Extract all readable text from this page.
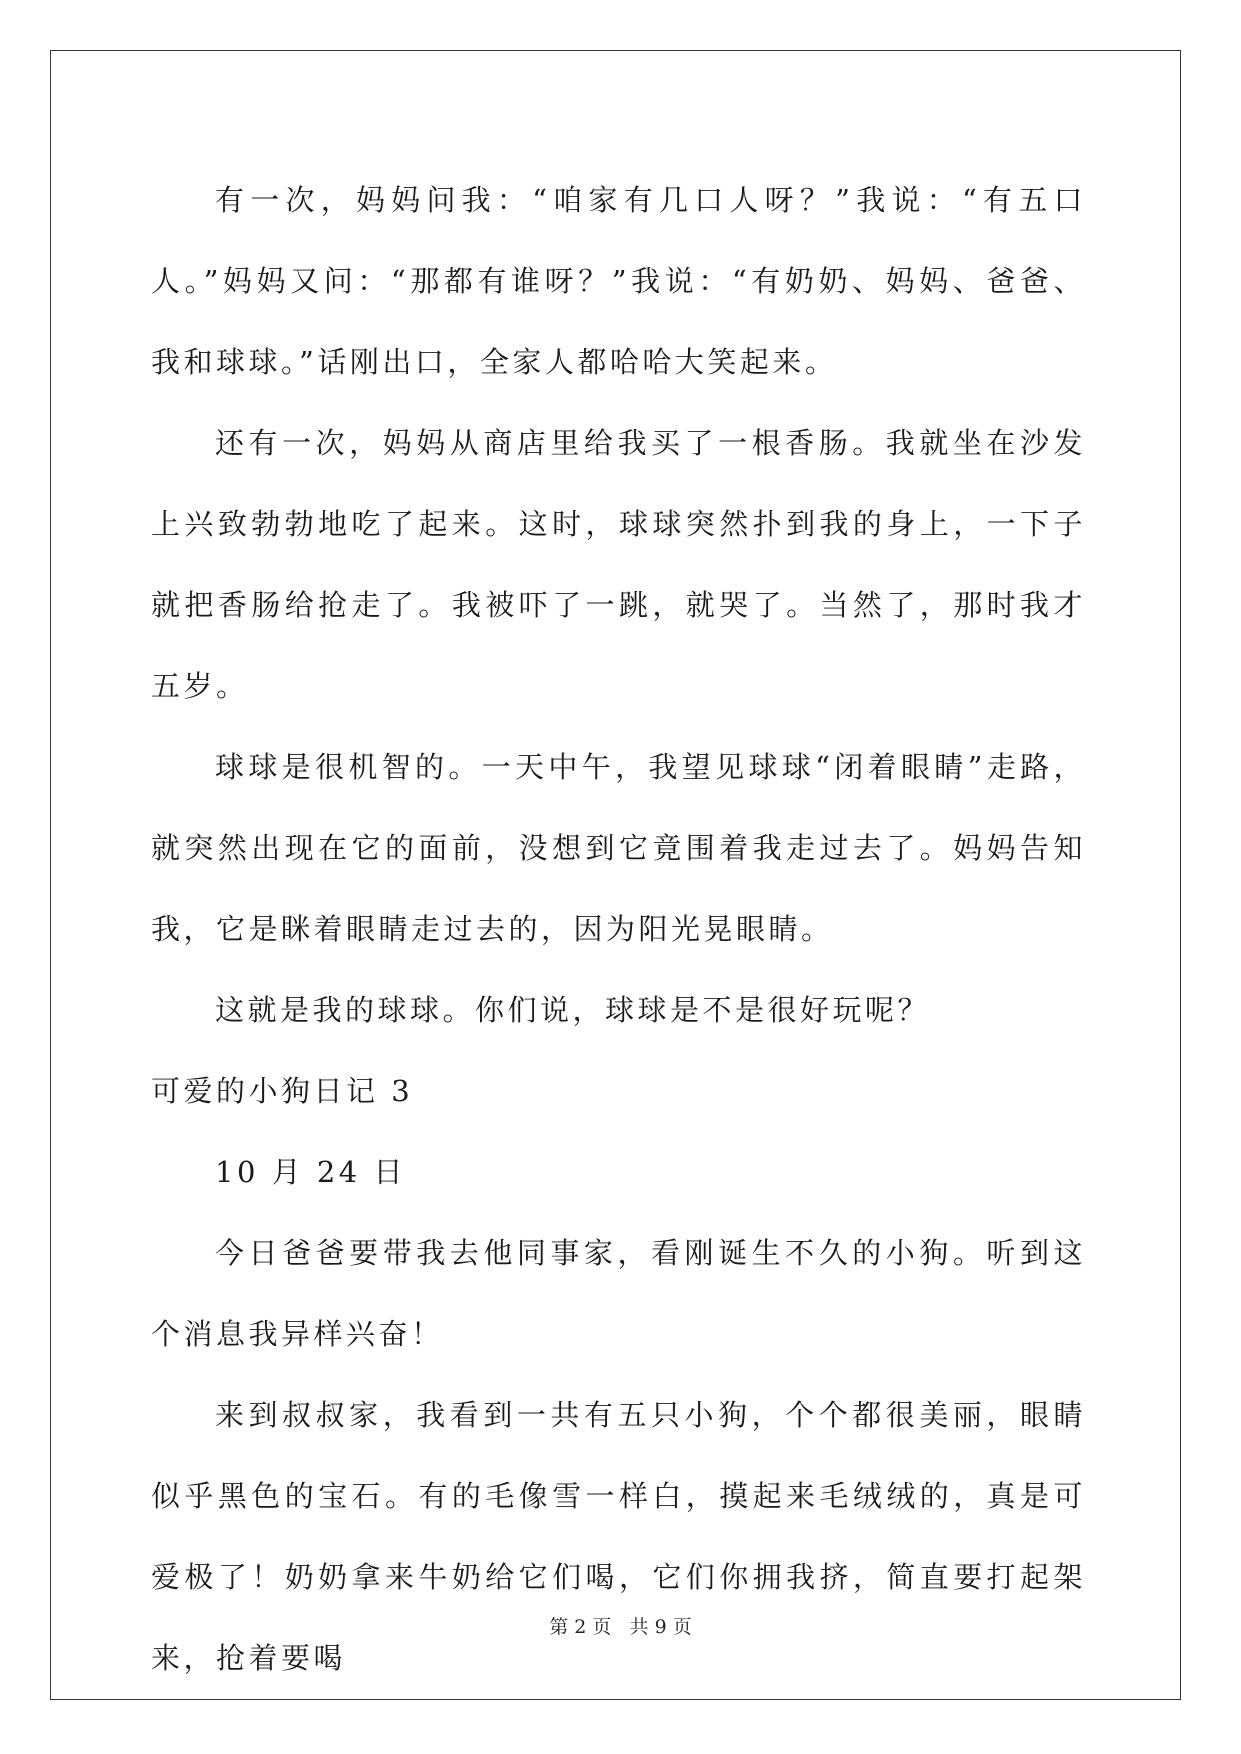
有一次，妈妈问我：“咱家有几口人呀？”我说：“有五口人。”妈妈又问：“那都有谁呀？”我说：“有奶奶、妈妈、爸爸、我和球球。”话刚出口，全家人都哈哈大笑起来。

还有一次，妈妈从商店里给我买了一根香肠。我就坐在沙发上兴致勃勃地吃了起来。这时，球球突然扑到我的身上，一下子就把香肠给抢走了。我被吓了一跳，就哭了。当然了，那时我才五岁。

球球是很机智的。一天中午，我望见球球“闭着眼睛”走路，就突然出现在它的面前，没想到它竟围着我走过去了。妈妈告知我，它是眯着眼睛走过去的，因为阳光晃眼睛。

这就是我的球球。你们说，球球是不是很好玩呢？

可爱的小狗日记 3

10 月 24 日

今日爸爸要带我去他同事家，看刚诞生不久的小狗。听到这个消息我异样兴奋！

来到叔叔家，我看到一共有五只小狗，个个都很美丽，眼睛似乎黑色的宝石。有的毛像雪一样白，摸起来毛绒绒的，真是可爱极了！奶奶拿来牛奶给它们喝，它们你拥我挤，简直要打起架来，抢着要喝

第 2 页   共 9 页
